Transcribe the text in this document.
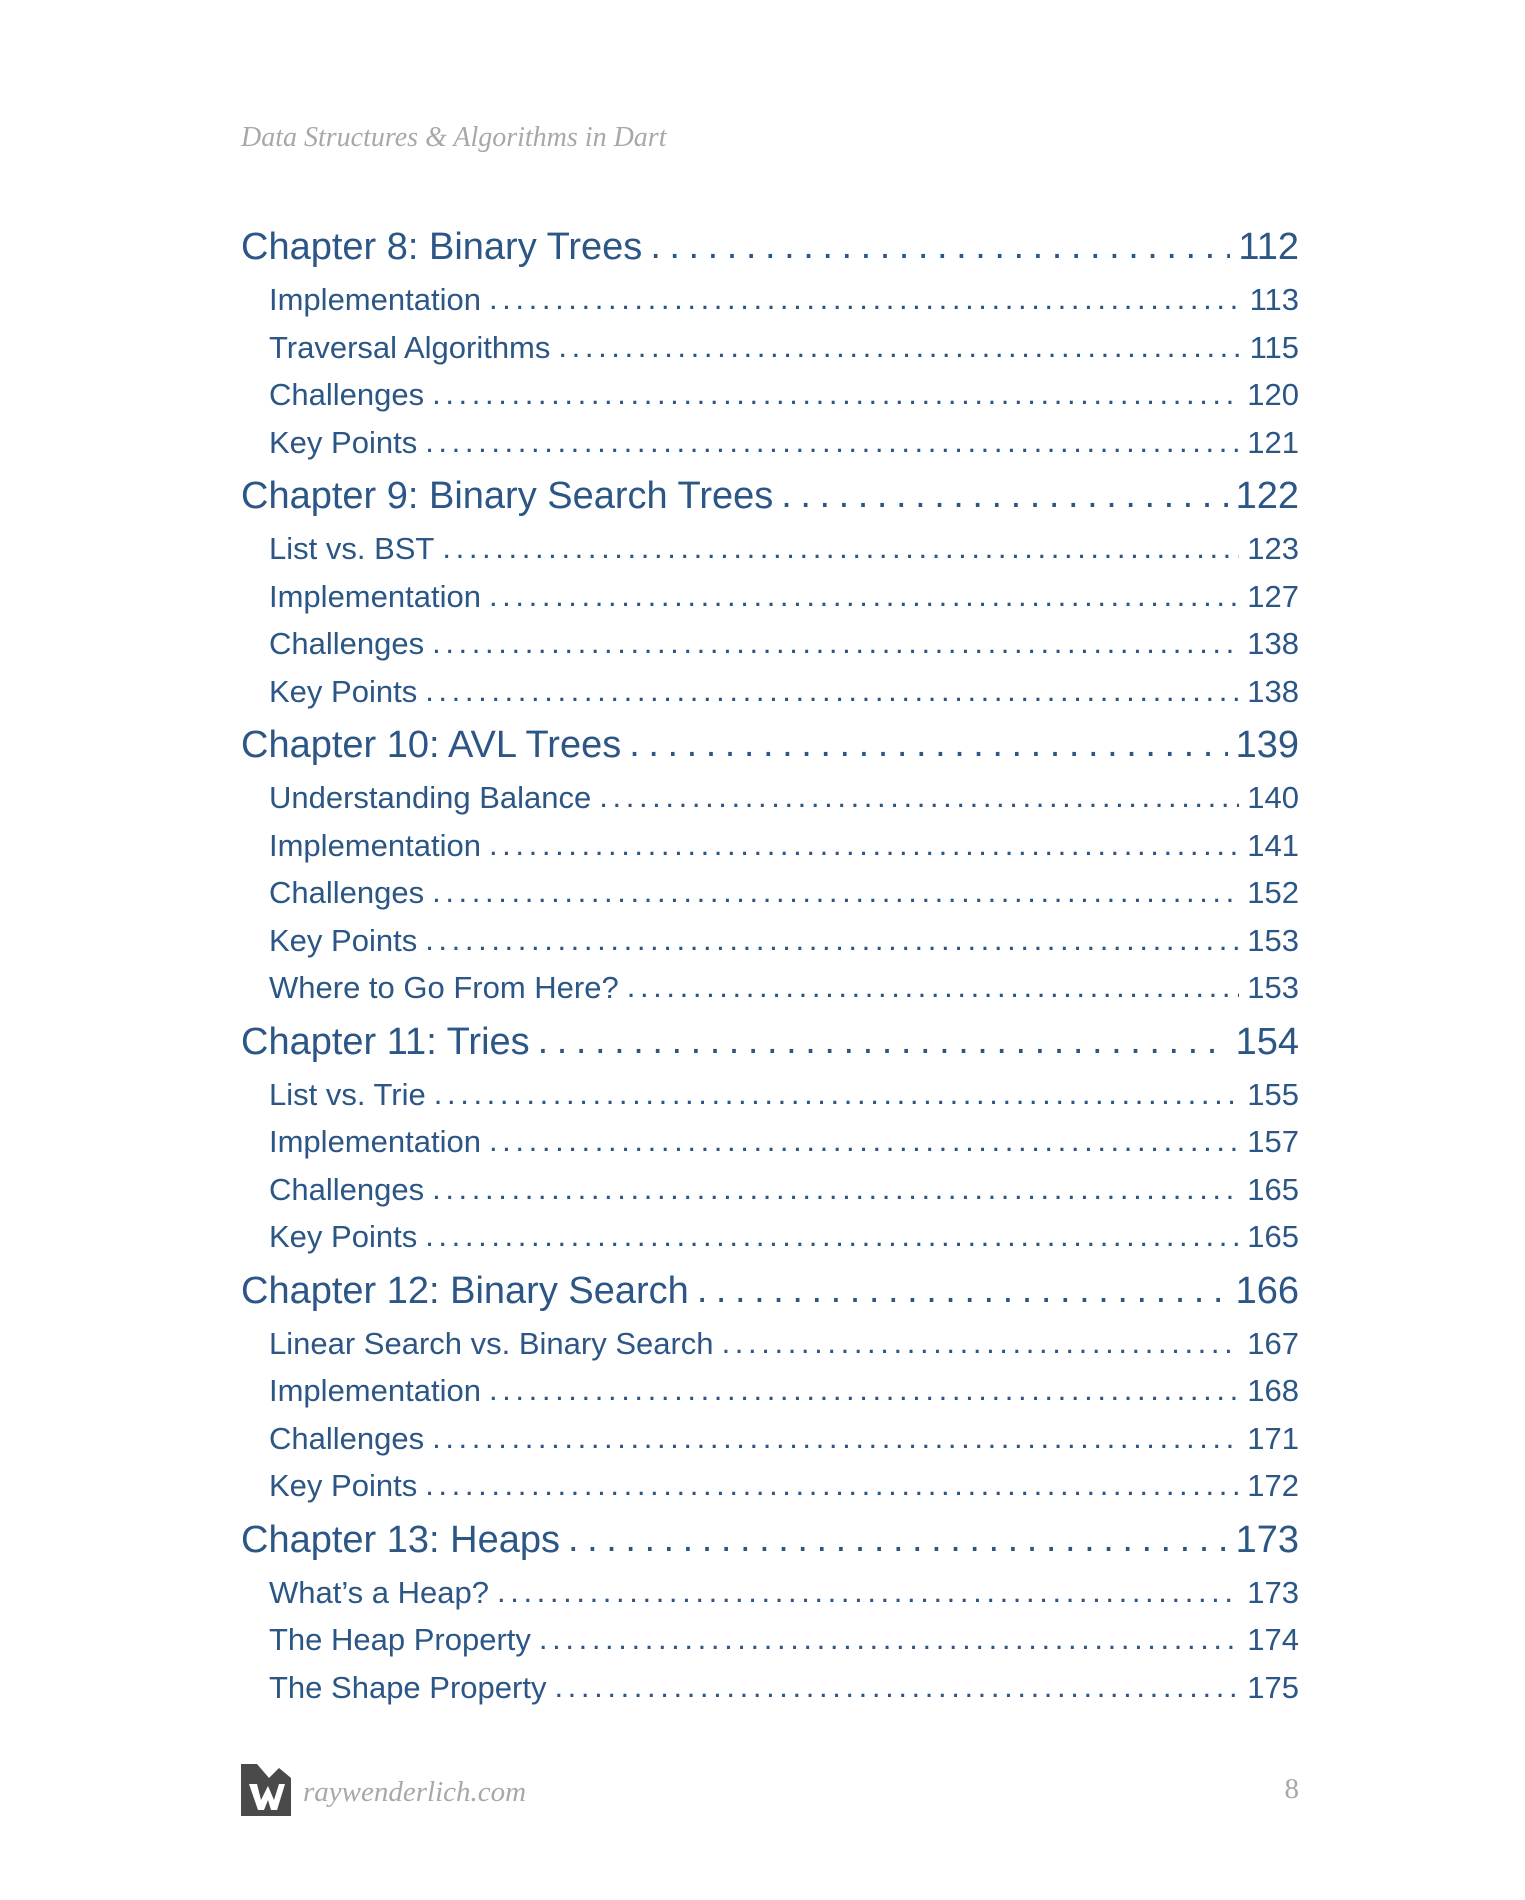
Data Structures & Algorithms in Dart
Chapter 8: Binary Trees . . .	112
Implementation . . .	113
Traversal Algorithms . . .	115
Challenges . . .	120
Key Points . . .	121
Chapter 9: Binary Search Trees . . .	122
List vs. BST . . .	123
Implementation . . .	127
Challenges . . .	138
Key Points . . .	138
Chapter 10: AVL Trees . . .	139
Understanding Balance . . .	140
Implementation . . .	141
Challenges . . .	152
Key Points . . .	153
Where to Go From Here? . . .	153
Chapter 11: Tries . . .	154
List vs. Trie . . .	155
Implementation . . .	157
Challenges . . .	165
Key Points . . .	165
Chapter 12: Binary Search . . .	166
Linear Search vs. Binary Search . . .	167
Implementation . . .	168
Challenges . . .	171
Key Points . . .	172
Chapter 13: Heaps . . .	173
What’s a Heap? . . .	173
The Heap Property . . .	174
The Shape Property . . .	175
raywenderlich.com	8
